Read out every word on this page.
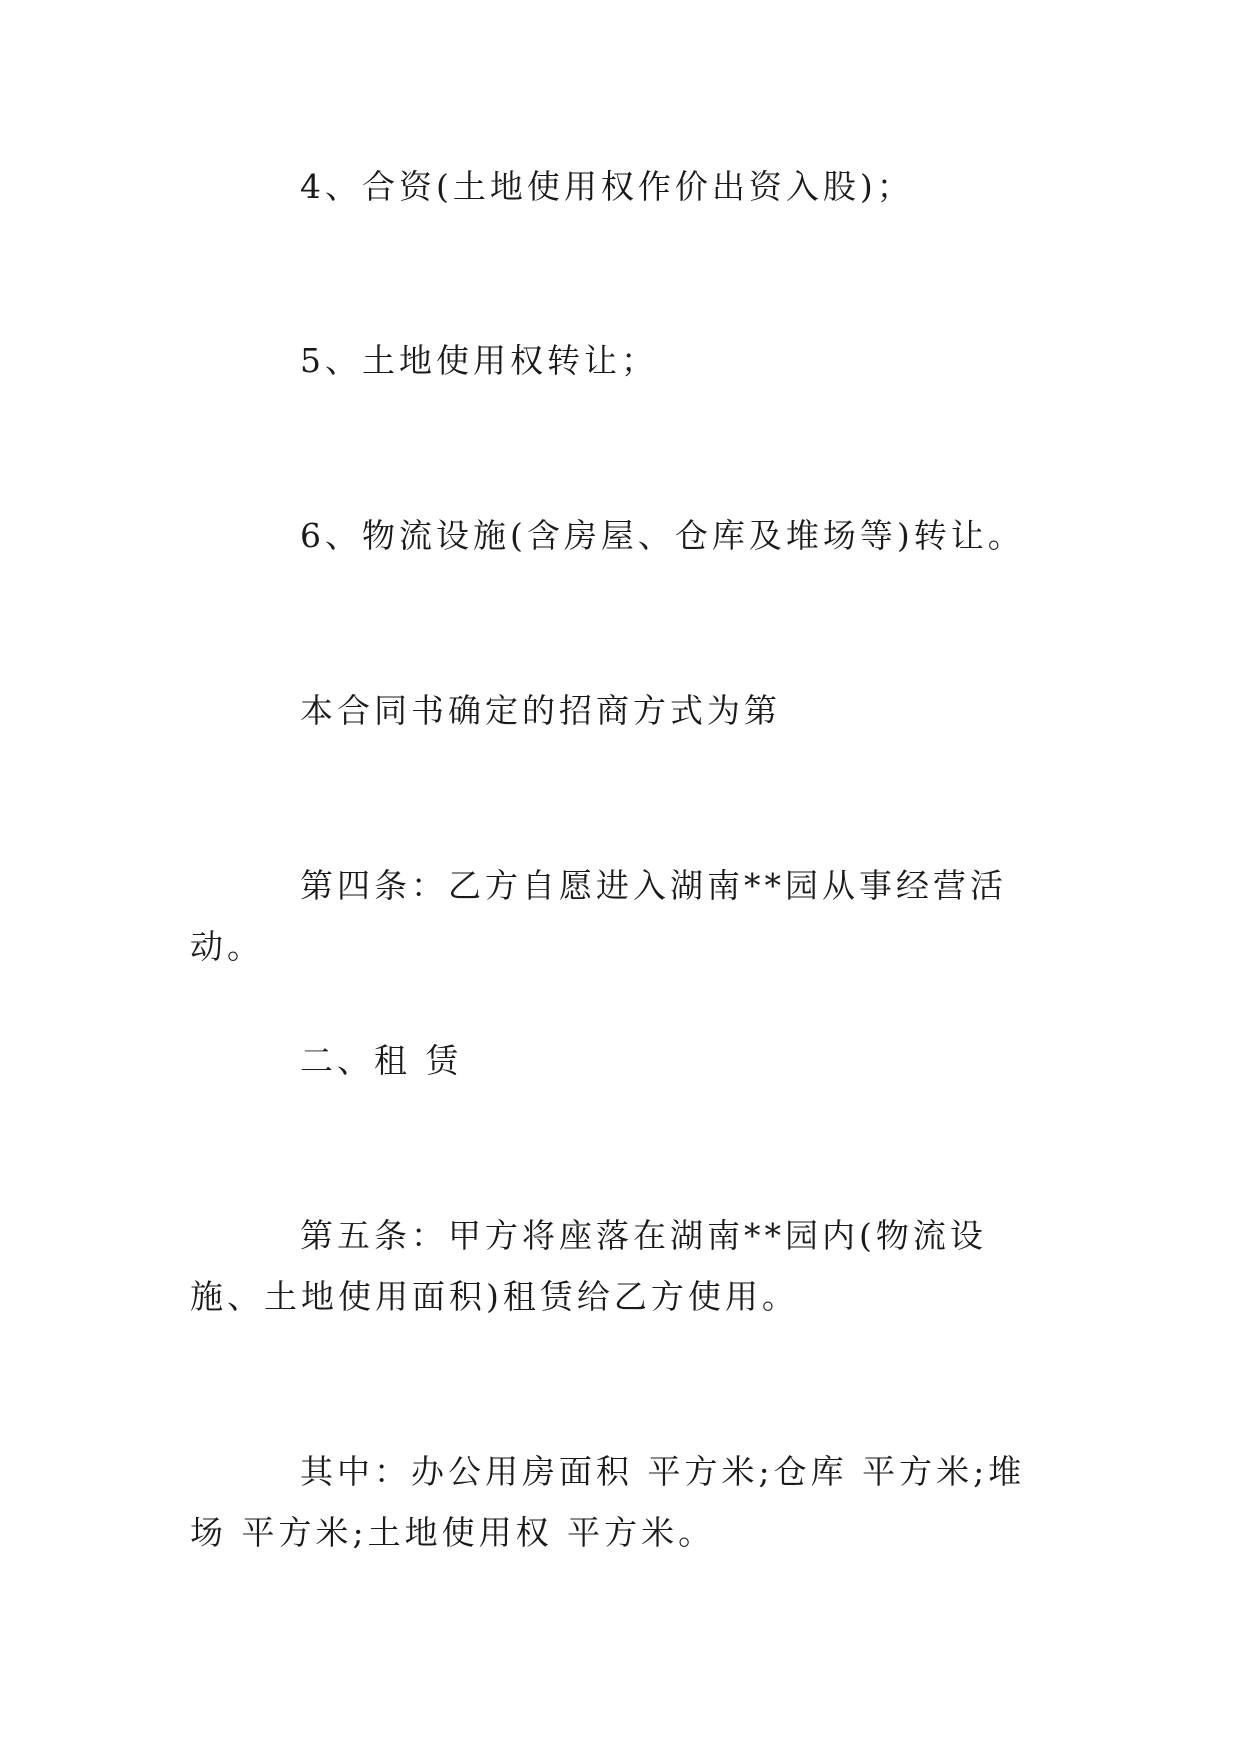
4、合资(土地使用权作价出资入股)；

5、土地使用权转让；

6、物流设施(含房屋、仓库及堆场等)转让。

本合同书确定的招商方式为第

第四条：乙方自愿进入湖南**园从事经营活动。

二、租 赁

第五条：甲方将座落在湖南**园内(物流设施、土地使用面积)租赁给乙方使用。

其中：办公用房面积 平方米;仓库 平方米;堆场 平方米;土地使用权 平方米。
